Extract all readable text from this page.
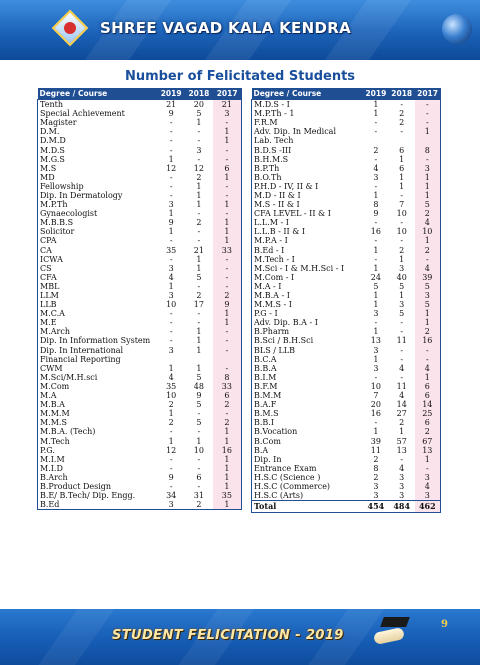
SHREE VAGAD KALA KENDRA
Number of Felicitated Students
Degree / Course	2019	2018	2017
Tenth	21	20	21
Special Achievement	9	5	3
Magister	-	1	-
D.M.	-	-	1
D.M.D	-	-	1
M.D.S	-	3	-
M.G.S	1	-	-
M.S	12	12	6
MD	-	2	1
Fellowship	-	1	-
Dip. In Dermatology	-	1	-
M.P.Th	3	1	1
Gynaecologist	1	-	-
M.B.B.S	9	2	1
Solicitor	1	-	1
CPA	-	-	1
CA	35	21	33
ICWA	-	1	-
CS	3	1	-
CFA	4	5	-
MBL	1	-	-
LLM	3	2	2
LLB	10	17	9
M.C.A	-	-	1
M.E	-	-	1
M.Arch	-	1	-
Dip. In Information System	-	1	-
Dip. In International	3	1	-
Financial Reporting			
CWM	1	1	-
M.Sci/M.H.sci	4	5	8
M.Com	35	48	33
M.A	10	9	6
M.B.A	2	5	2
M.M.M	1	-	-
M.M.S	2	5	2
M.B.A. (Tech)	-	-	1
M.Tech	1	1	1
P.G.	12	10	16
M.I.M	-	-	1
M.I.D	-	-	1
B.Arch	9	6	1
B.Product Design	-	-	1
B.E/ B.Tech/ Dip. Engg.	34	31	35
B.Ed	3	2	1
Degree / Course	2019	2018	2017
M.D.S - I	1	-	-
M.P.Th - 1	1	2	-
F.R.M	-	2	-
Adv. Dip. In Medical	-	-	1
Lab. Tech			
B.D.S -III	2	6	8
B.H.M.S	-	1	-
B.P.Th	4	6	3
B.O.Th	3	1	1
P.H.D - IV, II & I	-	1	1
M.D - II & I	1	-	1
M.S - II & I	8	7	5
CFA LEVEL - II & I	9	10	2
L.L.M - I	-	-	4
L.L.B - II & I	16	10	10
M.P.A - I	-	-	1
B.Ed - I	1	2	2
M.Tech - I	-	1	-
M.Sci - I & M.H.Sci - I	1	3	4
M.Com - I	24	40	39
M.A - I	5	5	5
M.B.A - I	1	1	3
M.M.S - I	1	3	5
P.G - I	3	5	1
Adv. Dip. B.A - I	-	-	1
B.Pharm	1	-	2
B.Sci / B.H.Sci	13	11	16
BLS / LLB	3	-	-
B.C.A	1	-	-
B.B.A	3	4	4
B.I.M	-	-	1
B.F.M	10	11	6
B.M.M	7	4	6
B.A.F	20	14	14
B.M.S	16	27	25
B.B.I	-	2	6
B.Vocation	1	1	2
B.Com	39	57	67
B.A	11	13	13
Dip. In	2	-	1
Entrance Exam	8	4	-
H.S.C (Science )	2	3	3
H.S.C (Commerce)	3	3	4
H.S.C (Arts)	3	3	3
Total	454	484	462
STUDENT FELICITATION - 2019
9
